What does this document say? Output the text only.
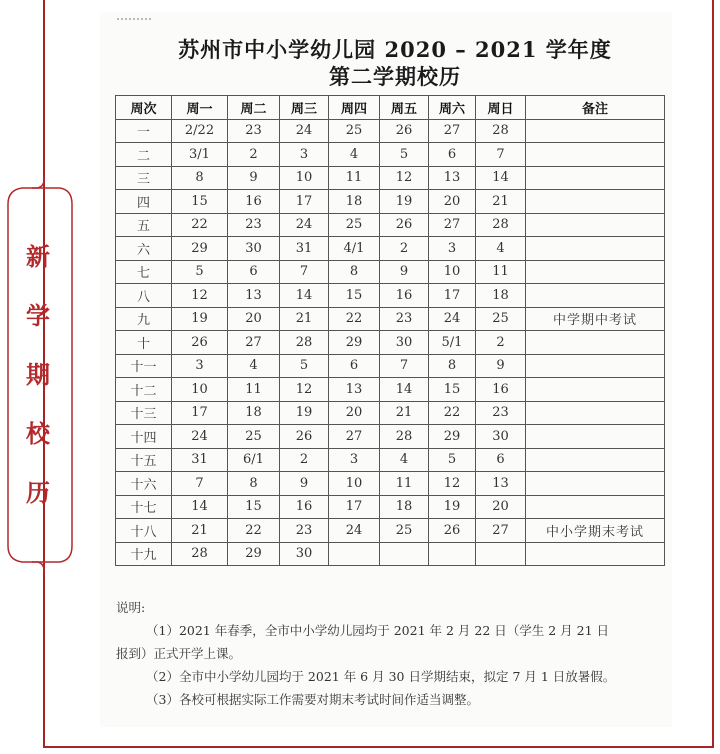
苏州市中小学幼儿园 2020 – 2021 学年度
第二学期校历
周次	周一	周二	周三	周四	周五	周六	周日	备注
一	2/22	23	24	25	26	27	28	
二	3/1	2	3	4	5	6	7	
三	8	9	10	11	12	13	14	
四	15	16	17	18	19	20	21	
五	22	23	24	25	26	27	28	
六	29	30	31	4/1	2	3	4	
七	5	6	7	8	9	10	11	
八	12	13	14	15	16	17	18	
九	19	20	21	22	23	24	25	中学期中考试
十	26	27	28	29	30	5/1	2	
十一	3	4	5	6	7	8	9	
十二	10	11	12	13	14	15	16	
十三	17	18	19	20	21	22	23	
十四	24	25	26	27	28	29	30	
十五	31	6/1	2	3	4	5	6	
十六	7	8	9	10	11	12	13	
十七	14	15	16	17	18	19	20	
十八	21	22	23	24	25	26	27	中小学期末考试
十九	28	29	30					
说明:
（1）2021 年春季，全市中小学幼儿园均于 2021 年 2 月 22 日（学生 2 月 21 日
报到）正式开学上课。
（2）全市中小学幼儿园均于 2021 年 6 月 30 日学期结束，拟定 7 月 1 日放暑假。
（3）各校可根据实际工作需要对期末考试时间作适当调整。
新
学
期
校
历
